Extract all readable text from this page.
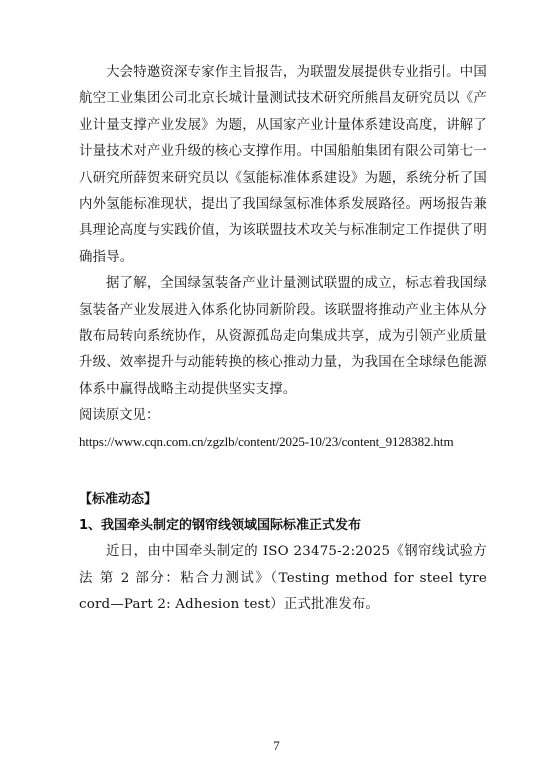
大会特邀资深专家作主旨报告，为联盟发展提供专业指引。中国航空工业集团公司北京长城计量测试技术研究所熊昌友研究员以《产业计量支撑产业发展》为题，从国家产业计量体系建设高度，讲解了计量技术对产业升级的核心支撑作用。中国船舶集团有限公司第七一八研究所薛贺来研究员以《氢能标准体系建设》为题，系统分析了国内外氢能标准现状，提出了我国绿氢标准体系发展路径。两场报告兼具理论高度与实践价值，为该联盟技术攻关与标准制定工作提供了明确指导。

据了解，全国绿氢装备产业计量测试联盟的成立，标志着我国绿氢装备产业发展进入体系化协同新阶段。该联盟将推动产业主体从分散布局转向系统协作，从资源孤岛走向集成共享，成为引领产业质量升级、效率提升与动能转换的核心推动力量，为我国在全球绿色能源体系中赢得战略主动提供坚实支撑。

阅读原文见：

https://www.cqn.com.cn/zgzlb/content/2025-10/23/content_9128382.htm

【标准动态】

1、我国牵头制定的钢帘线领域国际标准正式发布

近日，由中国牵头制定的 ISO 23475-2:2025《钢帘线试验方法 第 2 部分：粘合力测试》（Testing method for steel tyre cord—Part 2: Adhesion test）正式批准发布。

7
